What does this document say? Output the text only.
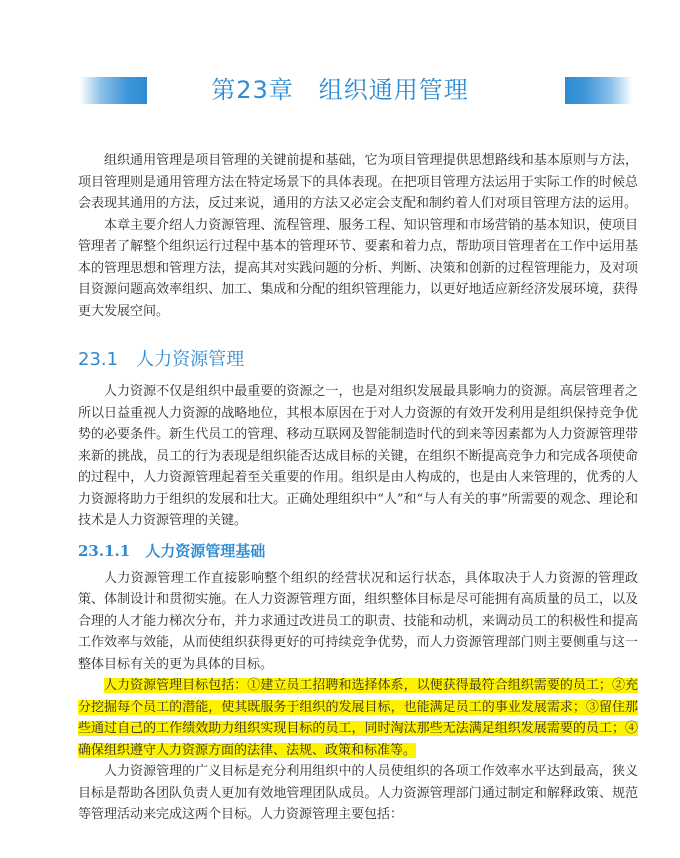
第23章　组织通用管理

组织通用管理是项目管理的关键前提和基础，它为项目管理提供思想路线和基本原则与方法，项目管理则是通用管理方法在特定场景下的具体表现。在把项目管理方法运用于实际工作的时候总会表现其通用的方法，反过来说，通用的方法又必定会支配和制约着人们对项目管理方法的运用。

本章主要介绍人力资源管理、流程管理、服务工程、知识管理和市场营销的基本知识，使项目管理者了解整个组织运行过程中基本的管理环节、要素和着力点，帮助项目管理者在工作中运用基本的管理思想和管理方法，提高其对实践问题的分析、判断、决策和创新的过程管理能力，及对项目资源问题高效率组织、加工、集成和分配的组织管理能力，以更好地适应新经济发展环境，获得更大发展空间。

23.1　人力资源管理

人力资源不仅是组织中最重要的资源之一，也是对组织发展最具影响力的资源。高层管理者之所以日益重视人力资源的战略地位，其根本原因在于对人力资源的有效开发利用是组织保持竞争优势的必要条件。新生代员工的管理、移动互联网及智能制造时代的到来等因素都为人力资源管理带来新的挑战，员工的行为表现是组织能否达成目标的关键，在组织不断提高竞争力和完成各项使命的过程中，人力资源管理起着至关重要的作用。组织是由人构成的，也是由人来管理的，优秀的人力资源将助力于组织的发展和壮大。正确处理组织中“人”和“与人有关的事”所需要的观念、理论和技术是人力资源管理的关键。

23.1.1　人力资源管理基础

人力资源管理工作直接影响整个组织的经营状况和运行状态，具体取决于人力资源的管理政策、体制设计和贯彻实施。在人力资源管理方面，组织整体目标是尽可能拥有高质量的员工，以及合理的人才能力梯次分布，并力求通过改进员工的职责、技能和动机，来调动员工的积极性和提高工作效率与效能，从而使组织获得更好的可持续竞争优势，而人力资源管理部门则主要侧重与这一整体目标有关的更为具体的目标。

人力资源管理目标包括：①建立员工招聘和选择体系，以便获得最符合组织需要的员工；②充分挖掘每个员工的潜能，使其既服务于组织的发展目标，也能满足员工的事业发展需求；③留住那些通过自己的工作绩效助力组织实现目标的员工，同时淘汰那些无法满足组织发展需要的员工；④确保组织遵守人力资源方面的法律、法规、政策和标准等。

人力资源管理的广义目标是充分利用组织中的人员使组织的各项工作效率水平达到最高，狭义目标是帮助各团队负责人更加有效地管理团队成员。人力资源管理部门通过制定和解释政策、规范等管理活动来完成这两个目标。人力资源管理主要包括：
